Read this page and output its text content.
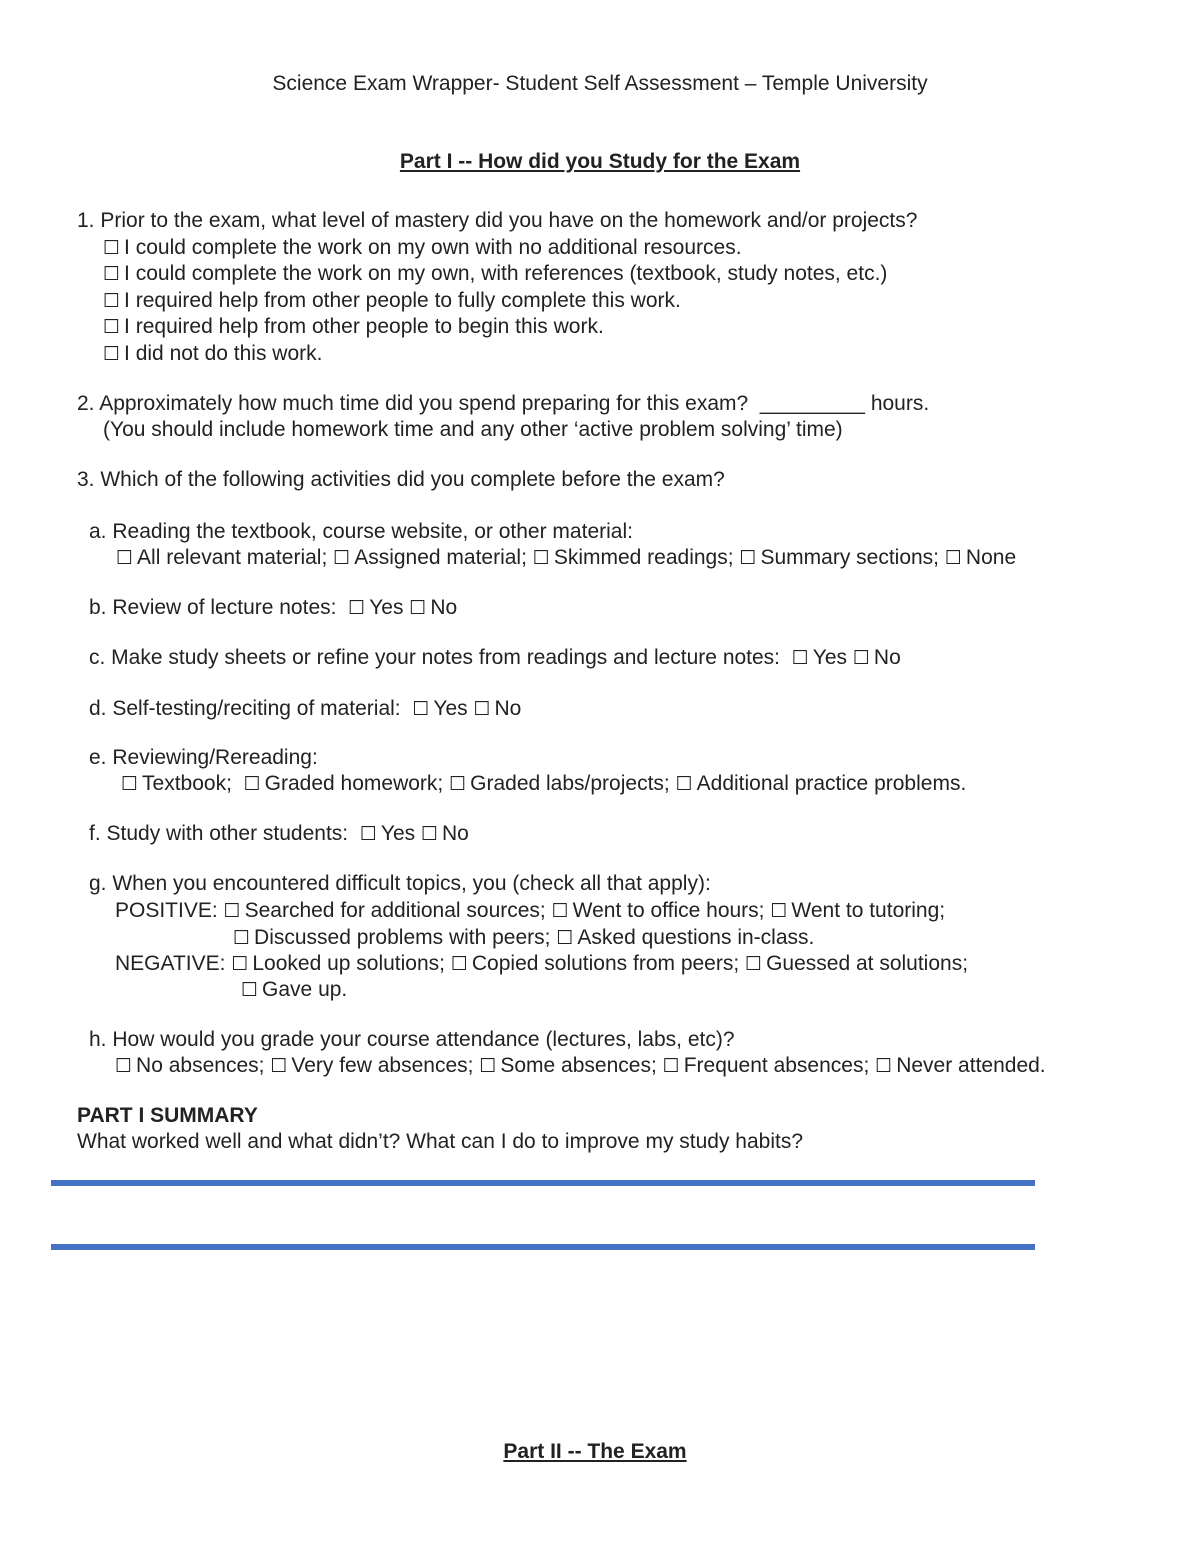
Science Exam Wrapper- Student Self Assessment – Temple University
Part I -- How did you Study for the Exam
1. Prior to the exam, what level of mastery did you have on the homework and/or projects?
☐ I could complete the work on my own with no additional resources.
☐ I could complete the work on my own, with references (textbook, study notes, etc.)
☐ I required help from other people to fully complete this work.
☐ I required help from other people to begin this work.
☐ I did not do this work.
2. Approximately how much time did you spend preparing for this exam? _________ hours.
(You should include homework time and any other ‘active problem solving’ time)
3. Which of the following activities did you complete before the exam?
a. Reading the textbook, course website, or other material:
☐ All relevant material; ☐ Assigned material; ☐ Skimmed readings; ☐ Summary sections; ☐ None
b. Review of lecture notes: ☐ Yes ☐ No
c. Make study sheets or refine your notes from readings and lecture notes: ☐ Yes ☐ No
d. Self-testing/reciting of material: ☐ Yes ☐ No
e. Reviewing/Rereading:
☐ Textbook; ☐ Graded homework; ☐ Graded labs/projects; ☐ Additional practice problems.
f. Study with other students: ☐ Yes ☐ No
g. When you encountered difficult topics, you (check all that apply):
POSITIVE: ☐ Searched for additional sources; ☐ Went to office hours; ☐ Went to tutoring;
☐ Discussed problems with peers; ☐ Asked questions in-class.
NEGATIVE: ☐ Looked up solutions; ☐ Copied solutions from peers; ☐ Guessed at solutions;
☐ Gave up.
h. How would you grade your course attendance (lectures, labs, etc)?
☐ No absences; ☐ Very few absences; ☐ Some absences; ☐ Frequent absences; ☐ Never attended.
PART I SUMMARY
What worked well and what didn’t? What can I do to improve my study habits?
Part II -- The Exam
